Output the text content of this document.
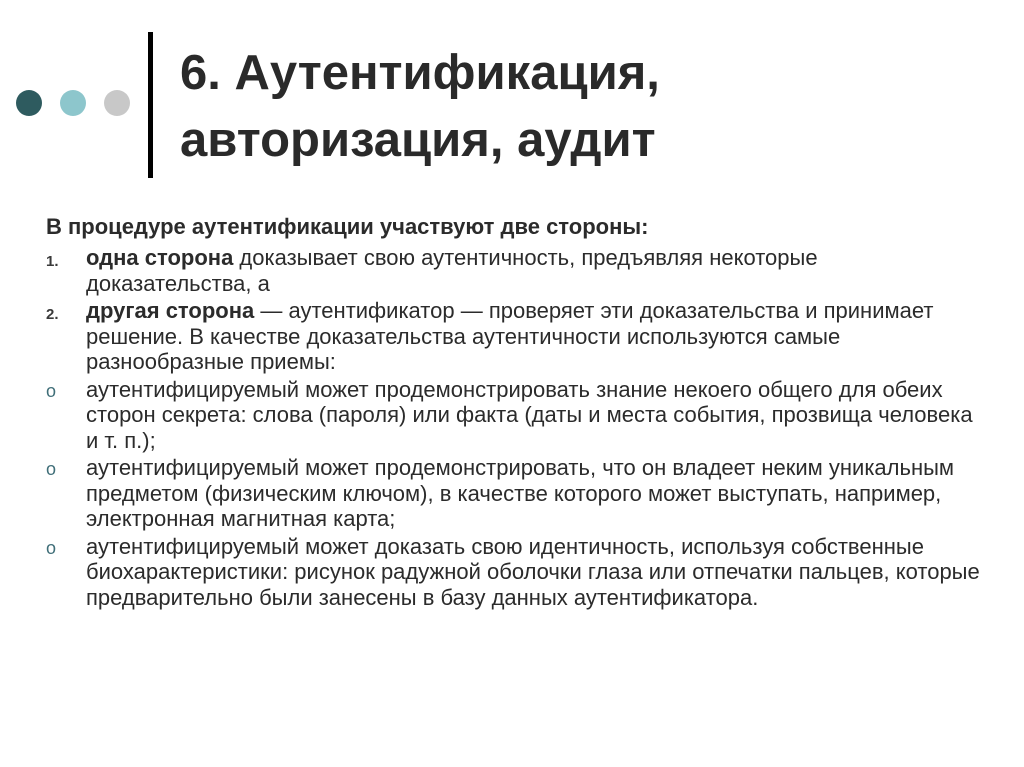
6. Аутентификация,
авторизация, аудит

В процедуре аутентификации участвуют две стороны:

1. одна сторона доказывает свою аутентичность, предъявляя некоторые доказательства, а
2. другая сторона — аутентификатор — проверяет эти доказательства и принимает решение. В качестве доказательства аутентичности используются самые разнообразные приемы:
o аутентифицируемый может продемонстрировать знание некоего общего для обеих сторон секрета: слова (пароля) или факта (даты и места события, прозвища человека и т. п.);
o аутентифицируемый может продемонстрировать, что он владеет неким уникальным предметом (физическим ключом), в качестве которого может выступать, например, электронная магнитная карта;
o аутентифицируемый может доказать свою идентичность, используя собственные биохарактеристики: рисунок радужной оболочки глаза или отпечатки пальцев, которые предварительно были занесены в базу данных аутентификатора.
